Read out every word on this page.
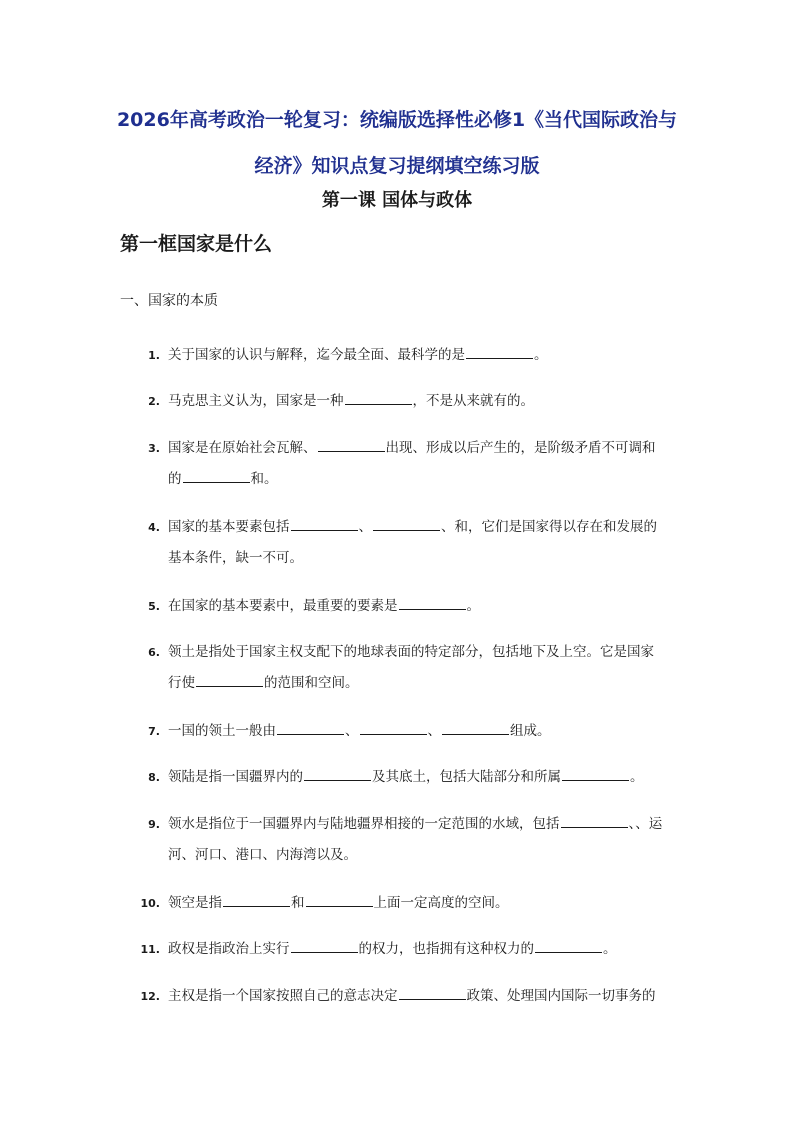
2026年高考政治一轮复习：统编版选择性必修1《当代国际政治与
经济》知识点复习提纲填空练习版
第一课 国体与政体
第一框国家是什么
一、国家的本质
1. 关于国家的认识与解释，迄今最全面、最科学的是	。
2. 马克思主义认为，国家是一种	，不是从来就有的。
3. 国家是在原始社会瓦解、	出现、形成以后产生的，是阶级矛盾不可调和
的	和。
4. 国家的基本要素包括	、	、和，它们是国家得以存在和发展的
基本条件，缺一不可。
5. 在国家的基本要素中，最重要的要素是	。
6. 领土是指处于国家主权支配下的地球表面的特定部分，包括地下及上空。它是国家
行使	的范围和空间。
7. 一国的领土一般由	、	、	组成。
8. 领陆是指一国疆界内的	及其底土，包括大陆部分和所属	。
9. 领水是指位于一国疆界内与陆地疆界相接的一定范围的水域，包括	、、运
河、河口、港口、内海湾以及。
10. 领空是指	和	上面一定高度的空间。
11. 政权是指政治上实行	的权力，也指拥有这种权力的	。
12. 主权是指一个国家按照自己的意志决定	政策、处理国内国际一切事务的
